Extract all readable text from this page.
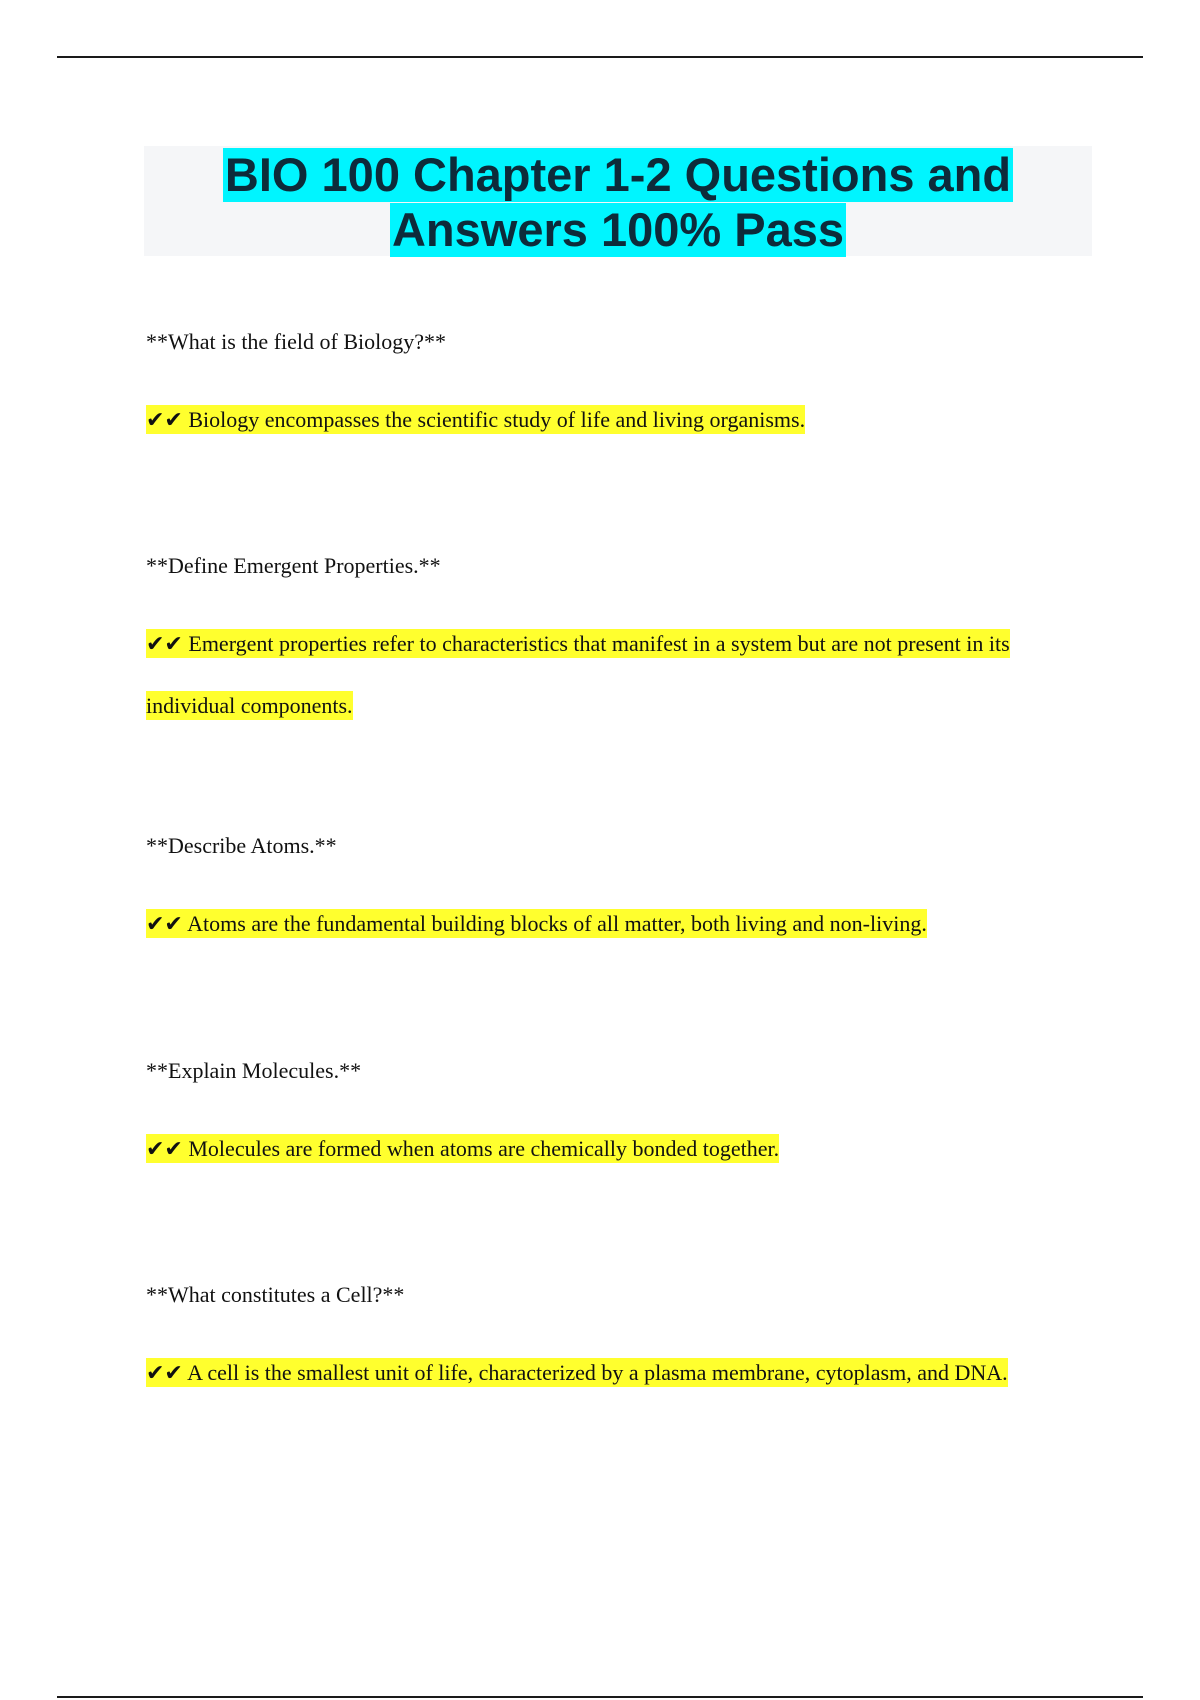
BIO 100 Chapter 1-2 Questions and
Answers 100% Pass
**What is the field of Biology?**
✔✔ Biology encompasses the scientific study of life and living organisms.
**Define Emergent Properties.**
✔✔ Emergent properties refer to characteristics that manifest in a system but are not present in its individual components.
**Describe Atoms.**
✔✔ Atoms are the fundamental building blocks of all matter, both living and non-living.
**Explain Molecules.**
✔✔ Molecules are formed when atoms are chemically bonded together.
**What constitutes a Cell?**
✔✔ A cell is the smallest unit of life, characterized by a plasma membrane, cytoplasm, and DNA.
